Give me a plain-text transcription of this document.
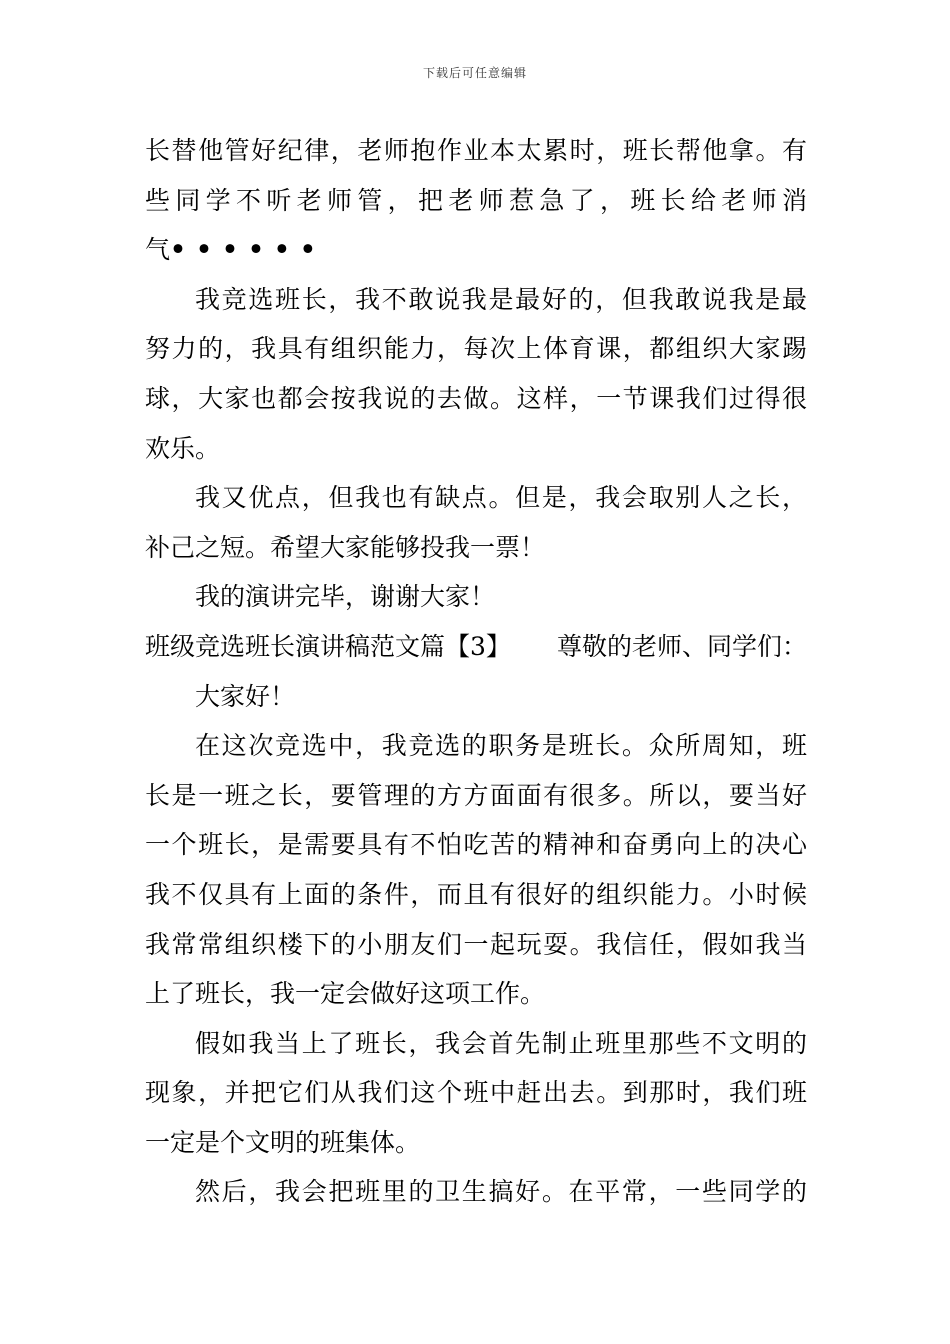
下载后可任意编辑
长替他管好纪律，老师抱作业本太累时，班长帮他拿。有
些同学不听老师管，把老师惹急了，班长给老师消
气••••••
我竞选班长，我不敢说我是最好的，但我敢说我是最
努力的，我具有组织能力，每次上体育课，都组织大家踢
球，大家也都会按我说的去做。这样，一节课我们过得很
欢乐。
我又优点，但我也有缺点。但是，我会取别人之长，
补己之短。希望大家能够投我一票！
我的演讲完毕，谢谢大家！
班级竞选班长演讲稿范文篇【3】 尊敬的老师、同学们：
大家好！
在这次竞选中，我竞选的职务是班长。众所周知，班
长是一班之长，要管理的方方面面有很多。所以，要当好
一个班长，是需要具有不怕吃苦的精神和奋勇向上的决心
我不仅具有上面的条件，而且有很好的组织能力。小时候
我常常组织楼下的小朋友们一起玩耍。我信任，假如我当
上了班长，我一定会做好这项工作。
假如我当上了班长，我会首先制止班里那些不文明的
现象，并把它们从我们这个班中赶出去。到那时，我们班
一定是个文明的班集体。
然后，我会把班里的卫生搞好。在平常，一些同学的
